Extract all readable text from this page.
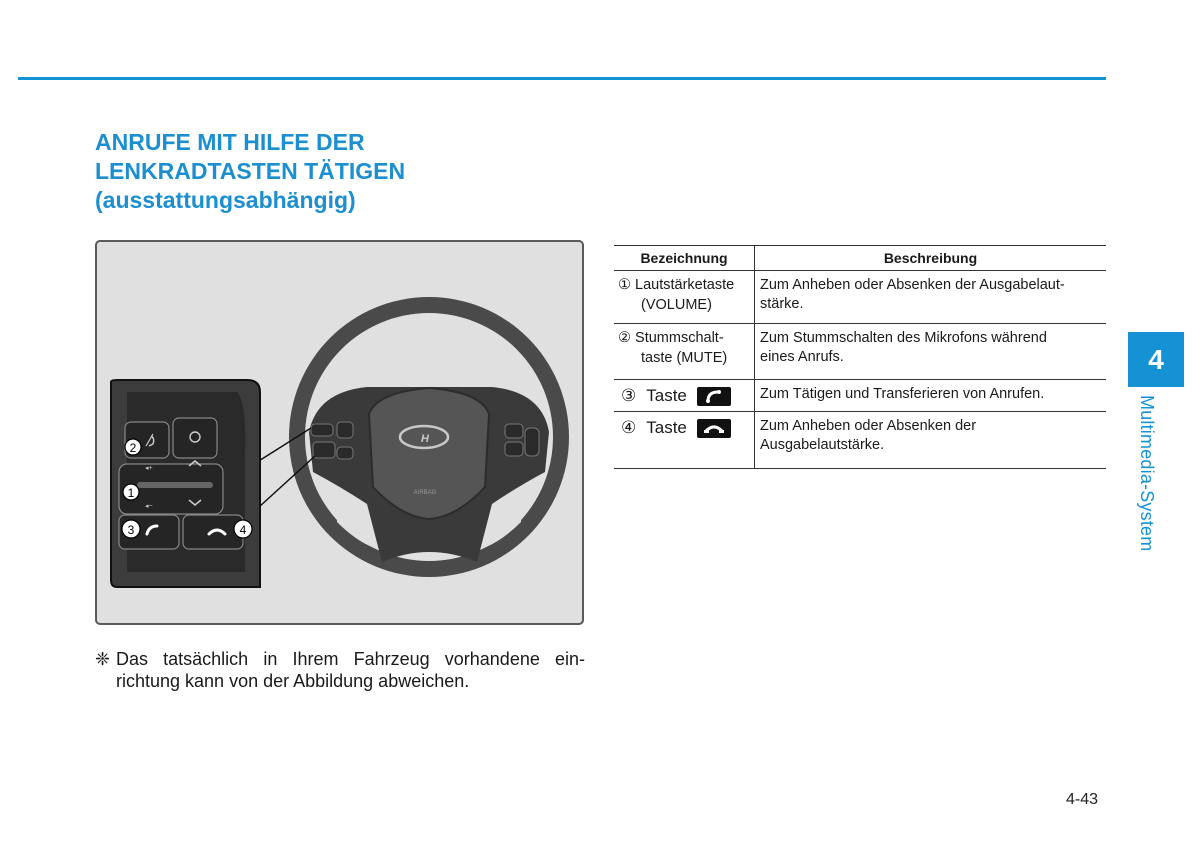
ANRUFE MIT HILFE DER
LENKRADTASTEN TÄTIGEN
(ausstattungsabhängig)
H
AIRBAG
◂+
◂−
2
1
3	4
❈ Das tatsächlich in Ihrem Fahrzeug vorhandene ein-richtung kann von der Abbildung abweichen.
Bezeichnung	Beschreibung

① Lautstärketaste
(VOLUME)	Zum Anheben oder Absenken der Ausgabelaut-
stärke.

② Stummschalt-
taste (MUTE)	Zum Stummschalten des Mikrofons während
eines Anrufs.

③ Taste	Zum Tätigen und Transferieren von Anrufen.

④ Taste	Zum Anheben oder Absenken der
Ausgabelautstärke.
4
Multimedia-System
4-43
